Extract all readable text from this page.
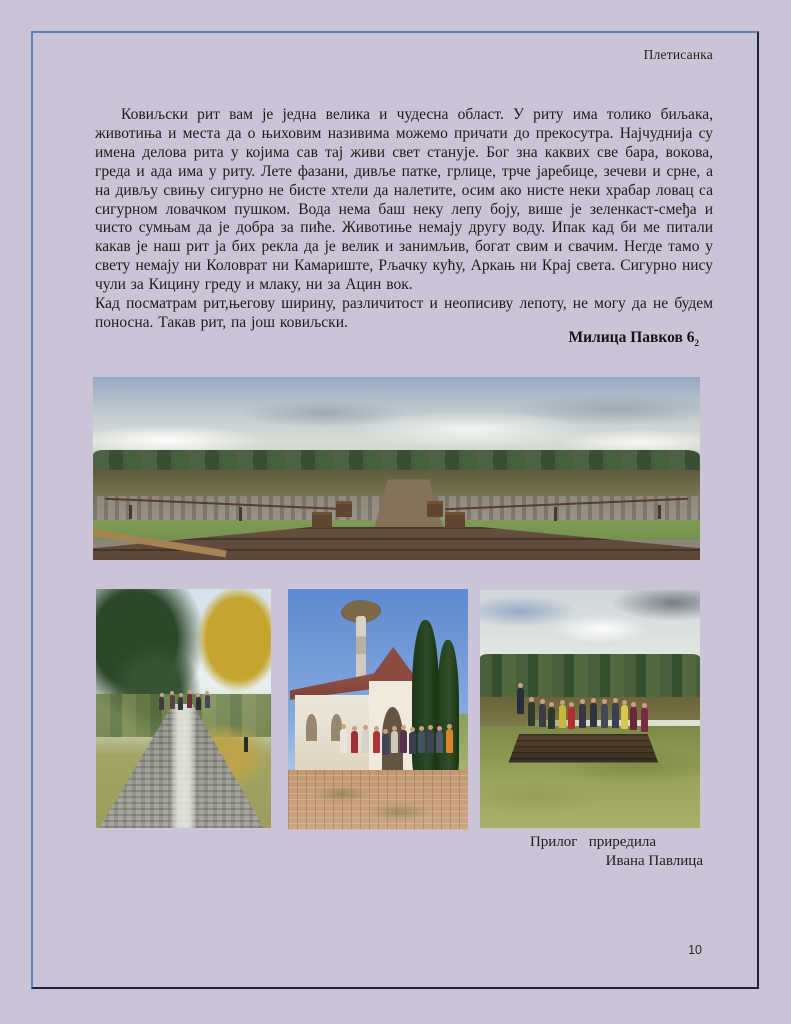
Плетисанка

Ковиљски рит вам је једна велика и чудесна област. У риту има толико биљака, животиња и места да о њиховим називима можемо причати до прекосутра. Најчуднија су имена делова рита у којима сав тај живи свет станује. Бог зна каквих све бара, вокова, греда и ада има у риту. Лете фазани, дивље патке, грлице, трче јаребице, зечеви и срне, а на дивљу свињу сигурно не бисте хтели да налетите, осим ако нисте неки храбар ловац са сигурном ловачком пушком. Вода нема баш неку лепу боју, више је зеленкаст-смеђа и чисто сумњам да је добра за пиће. Животиње немају другу воду. Ипак кад би ме питали какав је наш рит ја бих рекла да је велик и занимљив, богат свим и свачим. Негде тамо у свету немају ни Коловрат ни Камариште, Рљачку кућу, Аркањ ни Крај света. Сигурно нису чули за Кицину греду и млаку, ни за Ацин вок.

Кад посматрам рит,његову ширину, различитост и неописиву лепоту, не могу да не будем поносна. Такав рит, па још ковиљски.

Милица Павков $6_2$
Прилог   приредила
Ивана Павлица
10
